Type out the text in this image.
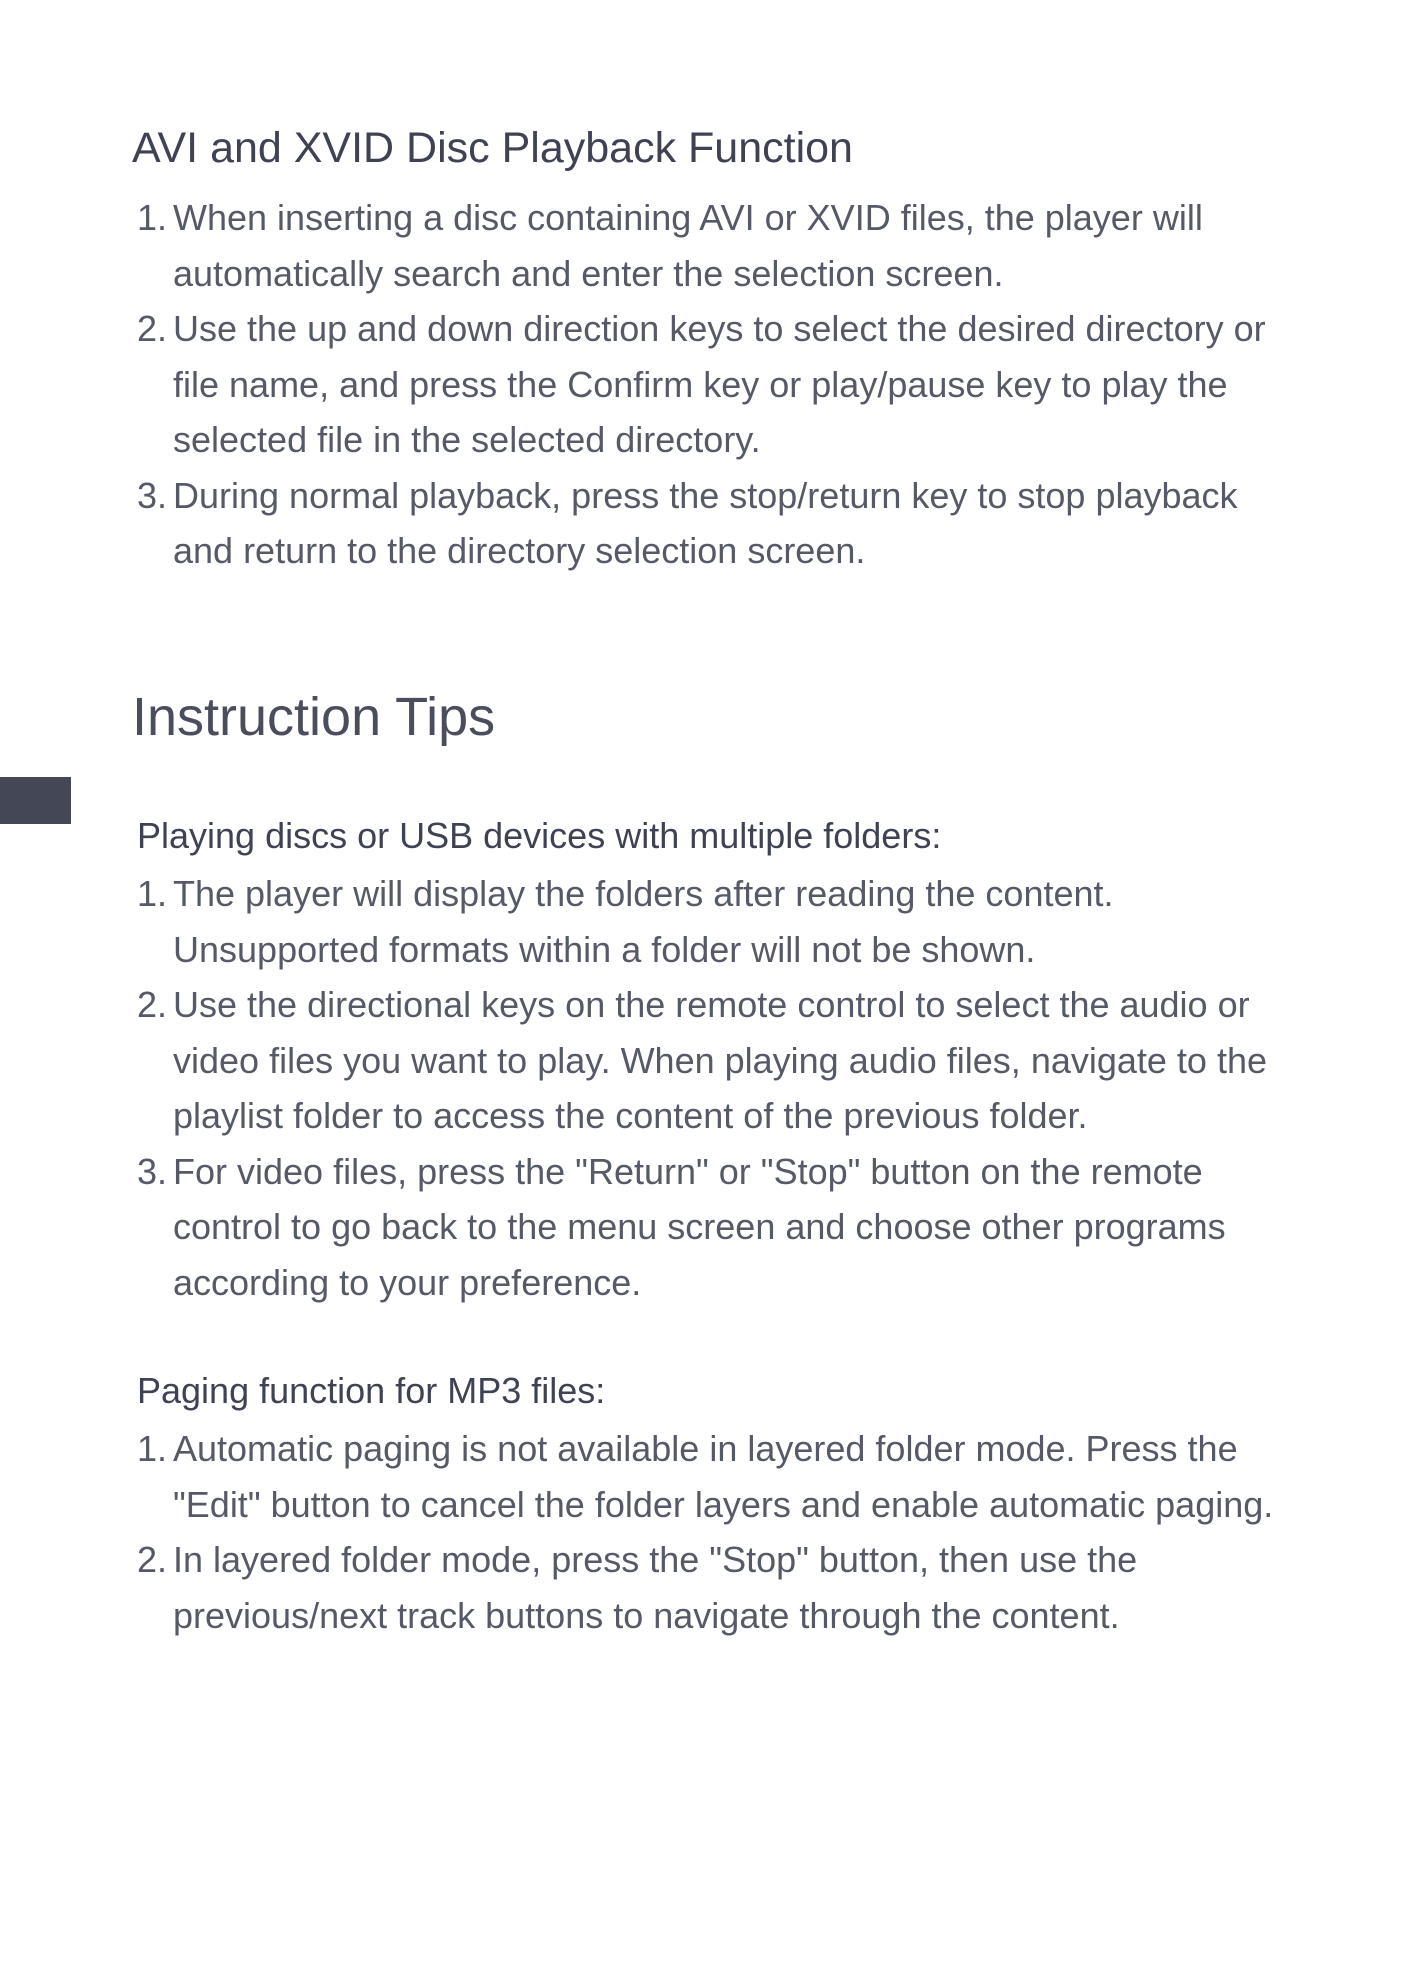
AVI and XVID Disc Playback Function
1. When inserting a disc containing AVI or XVID files, the player will
automatically search and enter the selection screen.
2. Use the up and down direction keys to select the desired directory or
file name, and press the Confirm key or play/pause key to play the
selected file in the selected directory.
3. During normal playback, press the stop/return key to stop playback
and return to the directory selection screen.
Instruction Tips
Playing discs or USB devices with multiple folders:
1. The player will display the folders after reading the content.
Unsupported formats within a folder will not be shown.
2. Use the directional keys on the remote control to select the audio or
video files you want to play. When playing audio files, navigate to the
playlist folder to access the content of the previous folder.
3. For video files, press the "Return" or "Stop" button on the remote
control to go back to the menu screen and choose other programs
according to your preference.
Paging function for MP3 files:
1. Automatic paging is not available in layered folder mode. Press the
"Edit" button to cancel the folder layers and enable automatic paging.
2. In layered folder mode, press the "Stop" button, then use the
previous/next track buttons to navigate through the content.
